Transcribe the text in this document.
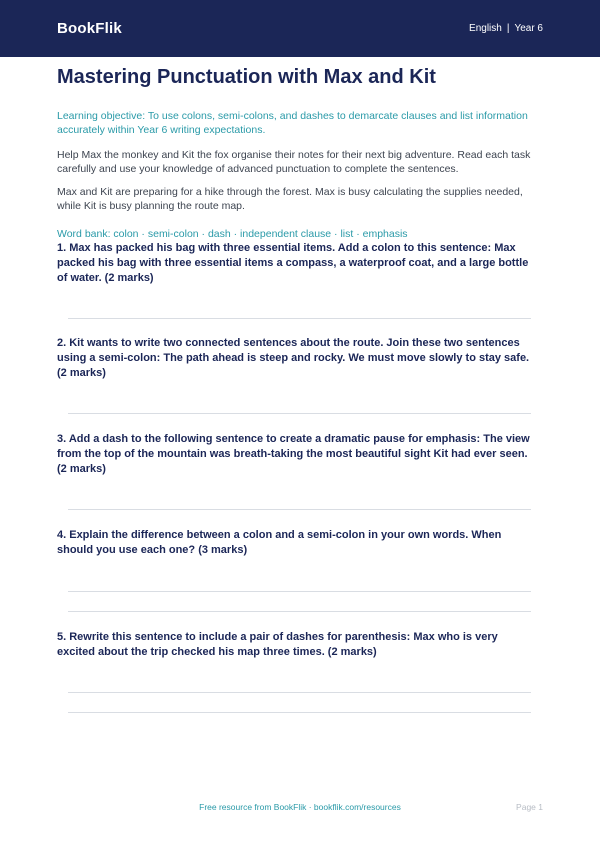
BookFlik	English | Year 6
Mastering Punctuation with Max and Kit

Learning objective: To use colons, semi-colons, and dashes to demarcate clauses and list information accurately within Year 6 writing expectations.

Help Max the monkey and Kit the fox organise their notes for their next big adventure. Read each task carefully and use your knowledge of advanced punctuation to complete the sentences.

Max and Kit are preparing for a hike through the forest. Max is busy calculating the supplies needed, while Kit is busy planning the route map.

Word bank: colon · semi-colon · dash · independent clause · list · emphasis

1. Max has packed his bag with three essential items. Add a colon to this sentence: Max packed his bag with three essential items a compass, a waterproof coat, and a large bottle of water. (2 marks)
2. Kit wants to write two connected sentences about the route. Join these two sentences using a semi-colon: The path ahead is steep and rocky. We must move slowly to stay safe. (2 marks)
3. Add a dash to the following sentence to create a dramatic pause for emphasis: The view from the top of the mountain was breath-taking the most beautiful sight Kit had ever seen. (2 marks)
4. Explain the difference between a colon and a semi-colon in your own words. When should you use each one? (3 marks)
5. Rewrite this sentence to include a pair of dashes for parenthesis: Max who is very excited about the trip checked his map three times. (2 marks)
Free resource from BookFlik · bookflik.com/resources	Page 1
